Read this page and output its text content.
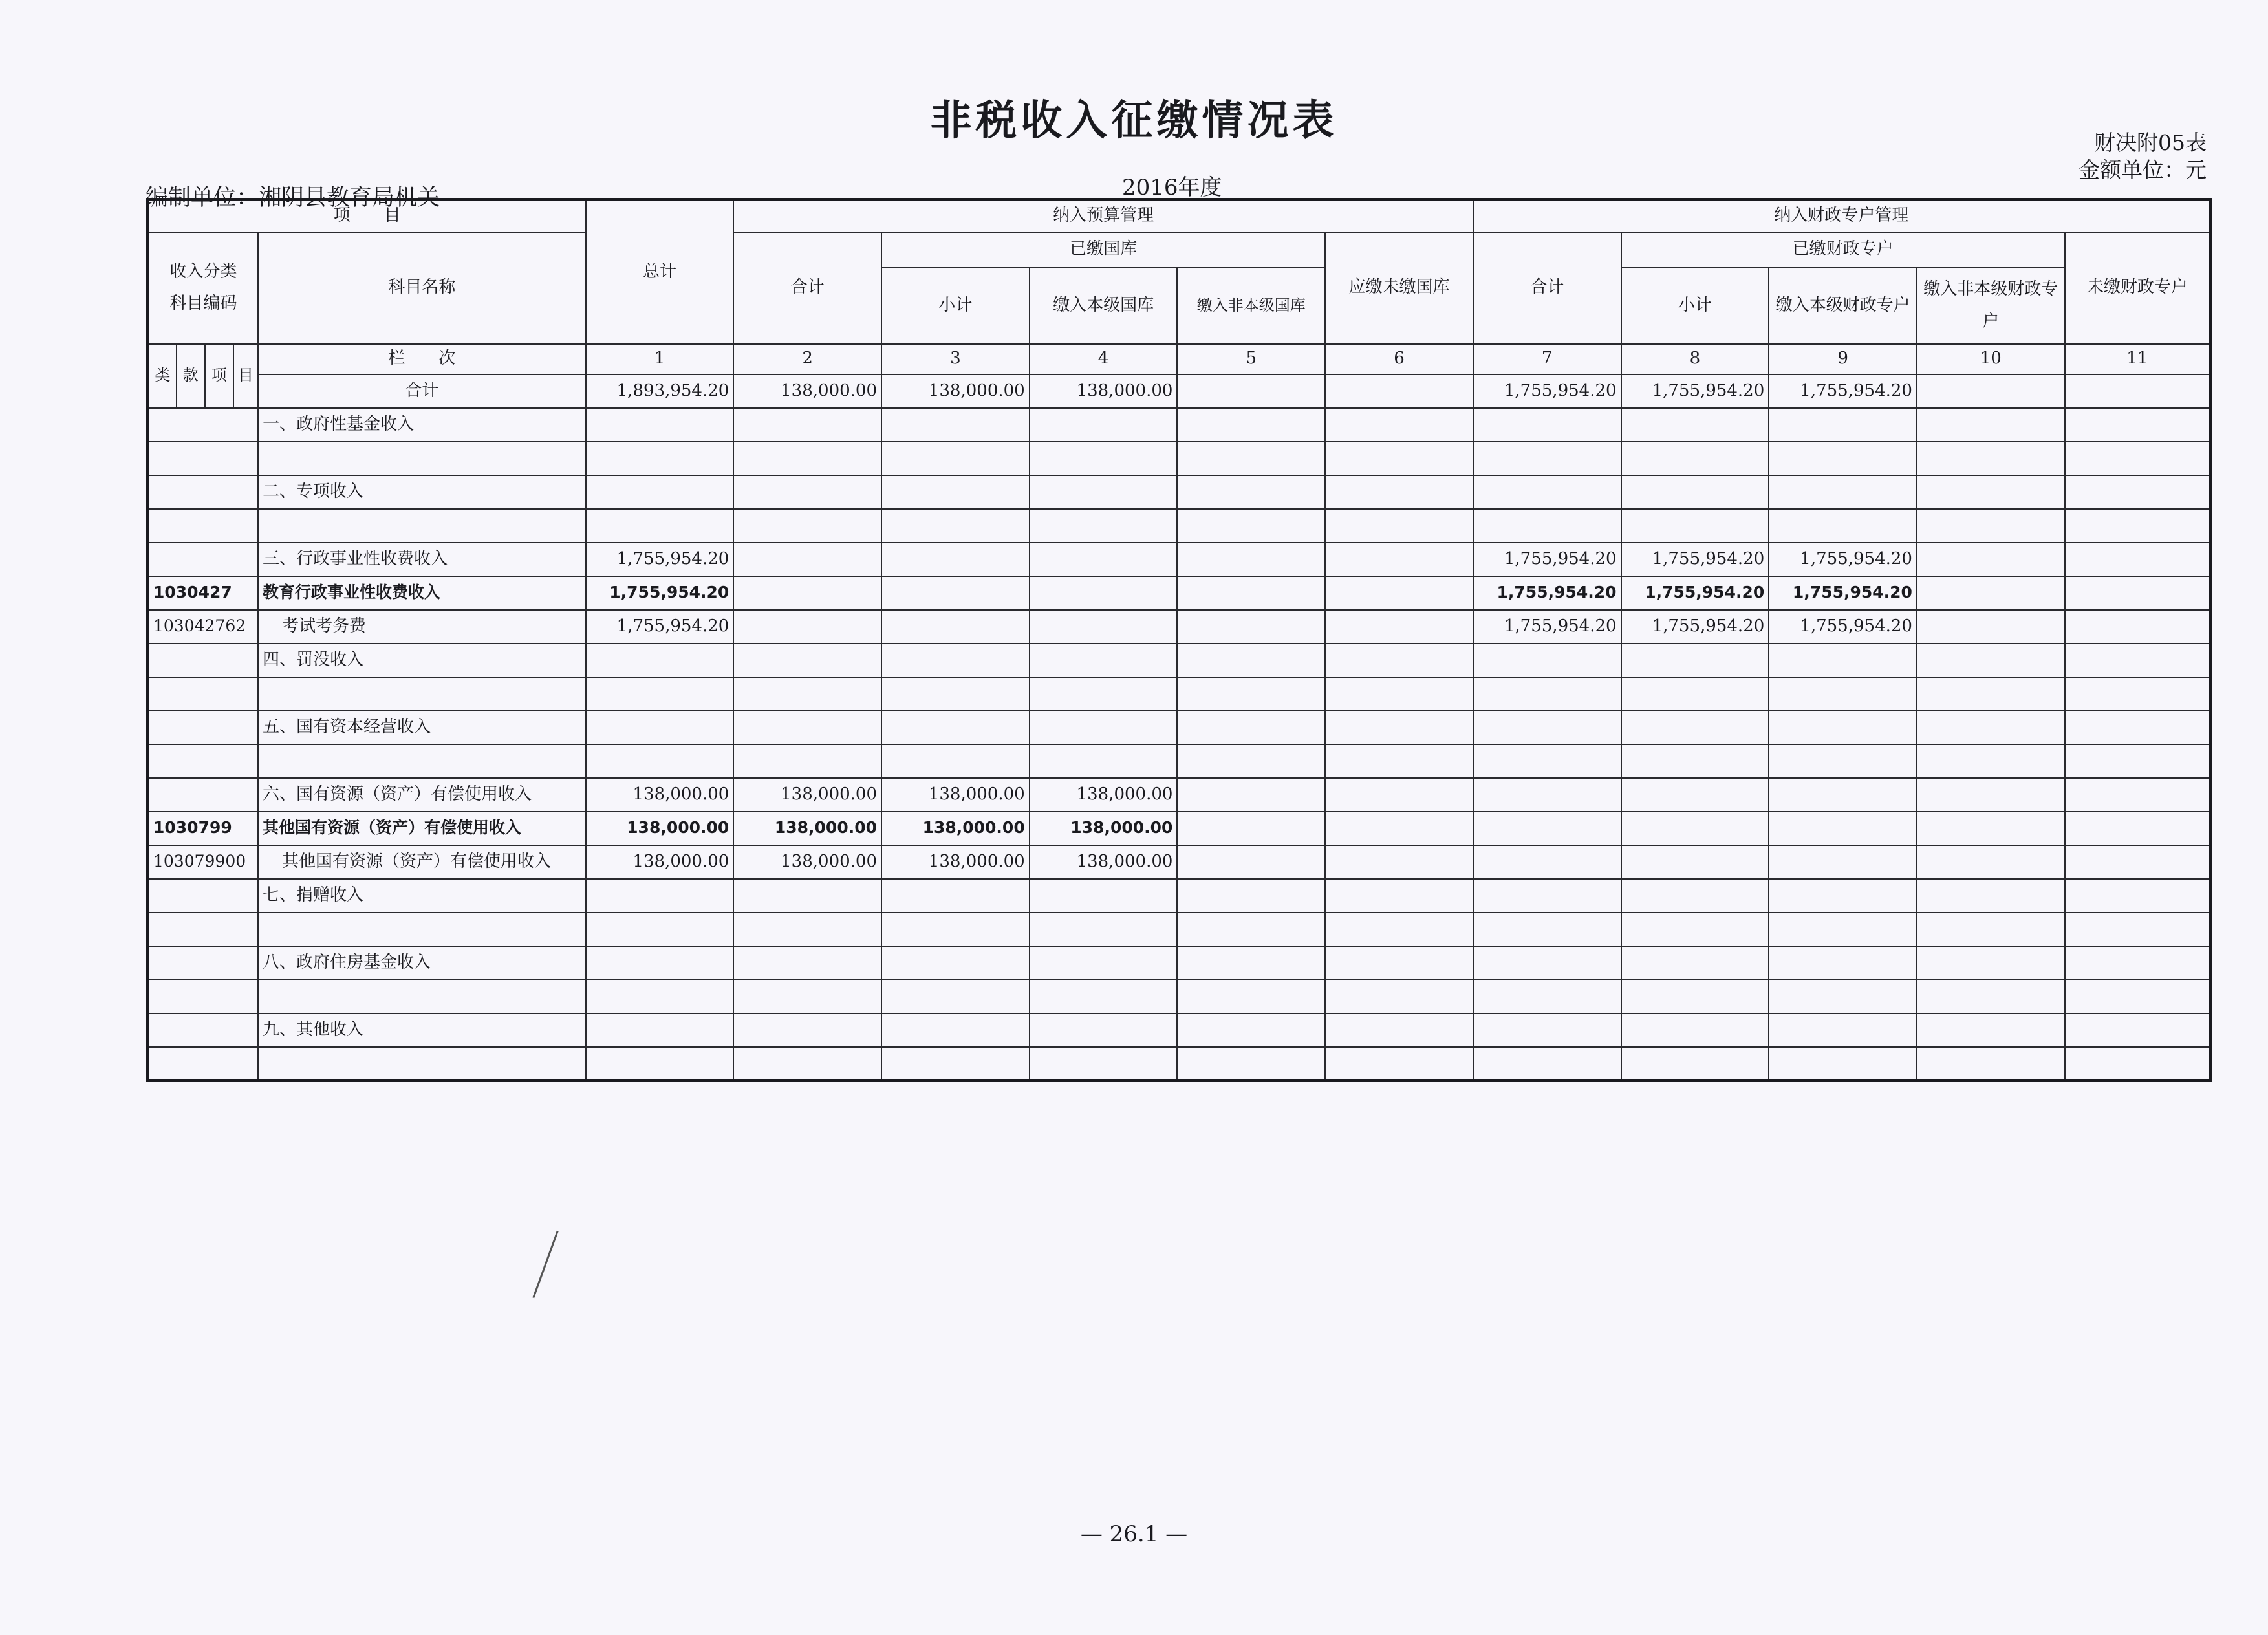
非税收入征缴情况表	财决附05表
金额单位：元
编制单位：湘阴县教育局机关	2016年度
项　　目					总计	纳入预算管理					纳入财政专户管理				
收入分类
科目编码				科目名称		合计	已缴国库			应缴未缴国库	合计	已缴财政专户			未缴财政专户
							小计	缴入本级国库	缴入非本级国库			小计	缴入本级财政专户	缴入非本级财政专户	
类	款	项	目	栏　　次	1	2	3	4	5	6	7	8	9	10	11
				合计	1,893,954.20	138,000.00	138,000.00	138,000.00			1,755,954.20	1,755,954.20	1,755,954.20		
				一、政府性基金收入											

				二、专项收入											

				三、行政事业性收费收入	1,755,954.20						1,755,954.20	1,755,954.20	1,755,954.20		
1030427				教育行政事业性收费收入	1,755,954.20						1,755,954.20	1,755,954.20	1,755,954.20		
103042762				考试考务费	1,755,954.20						1,755,954.20	1,755,954.20	1,755,954.20		
				四、罚没收入											

				五、国有资本经营收入											

				六、国有资源（资产）有偿使用收入	138,000.00	138,000.00	138,000.00	138,000.00							
1030799				其他国有资源（资产）有偿使用收入	138,000.00	138,000.00	138,000.00	138,000.00							
103079900				其他国有资源（资产）有偿使用收入	138,000.00	138,000.00	138,000.00	138,000.00							
				七、捐赠收入											

				八、政府住房基金收入											

				九、其他收入											

— 26.1 —
